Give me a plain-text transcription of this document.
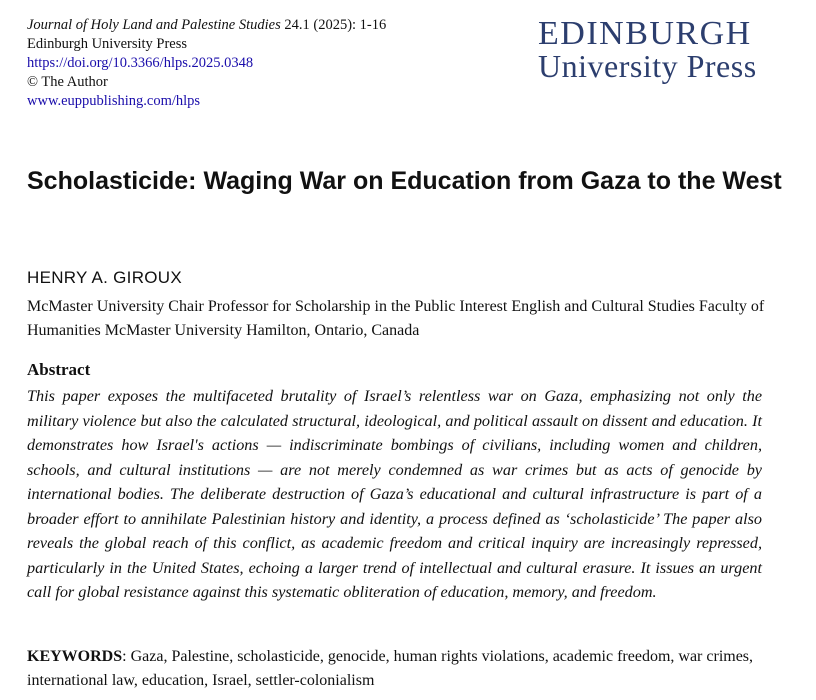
Journal of Holy Land and Palestine Studies 24.1 (2025): 1-16
Edinburgh University Press
https://doi.org/10.3366/hlps.2025.0348
© The Author
www.euppublishing.com/hlps
EDINBURGH
University Press
Scholasticide: Waging War on Education from Gaza to the West
HENRY A. GIROUX
McMaster University Chair Professor for Scholarship in the Public Interest English and Cultural Studies Faculty of Humanities McMaster University Hamilton, Ontario, Canada
Abstract

This paper exposes the multifaceted brutality of Israel’s relentless war on Gaza, emphasizing not only the military violence but also the calculated structural, ideological, and political assault on dissent and education. It demonstrates how Israel's actions — indiscriminate bombings of civilians, including women and children, schools, and cultural institutions — are not merely condemned as war crimes but as acts of genocide by international bodies. The deliberate destruction of Gaza’s educational and cultural infrastructure is part of a broader effort to annihilate Palestinian history and identity, a process defined as ‘scholasticide’ The paper also reveals the global reach of this conflict, as academic freedom and critical inquiry are increasingly repressed, particularly in the United States, echoing a larger trend of intellectual and cultural erasure. It issues an urgent call for global resistance against this systematic obliteration of education, memory, and freedom.

KEYWORDS: Gaza, Palestine, scholasticide, genocide, human rights violations, academic freedom, war crimes, international law, education, Israel, settler-colonialism
